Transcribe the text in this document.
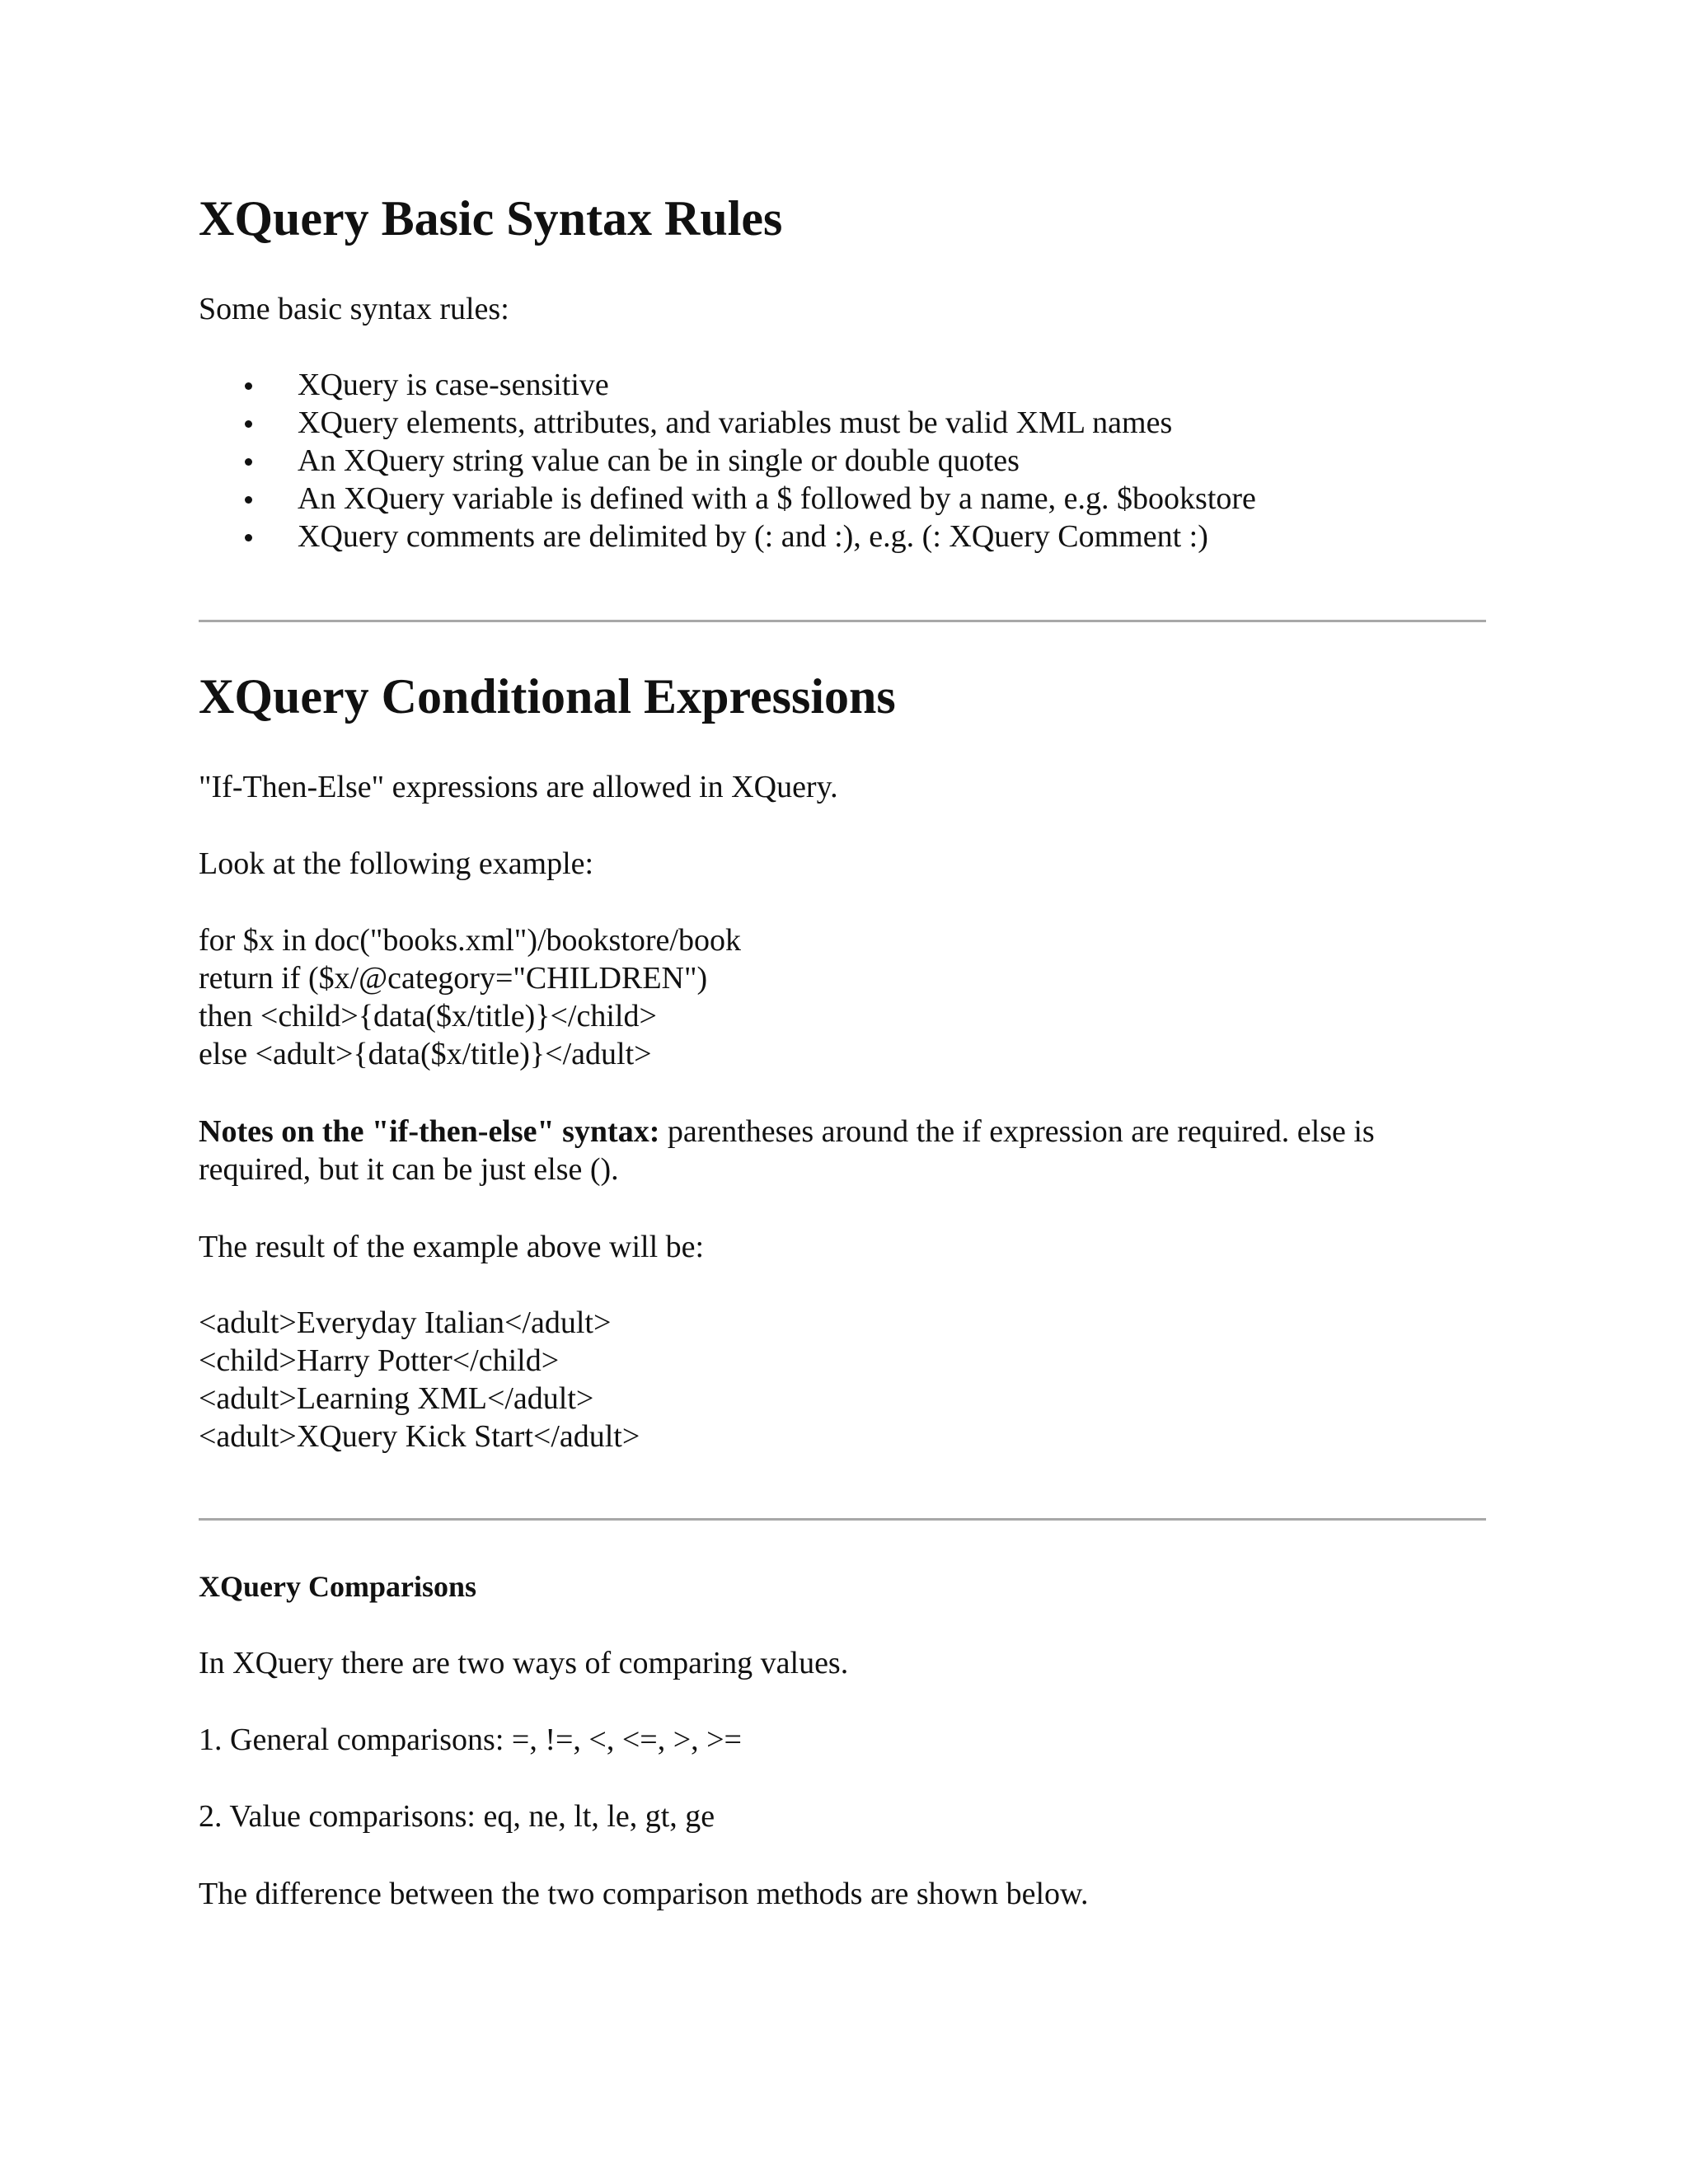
XQuery Basic Syntax Rules

Some basic syntax rules:

XQuery is case-sensitive
XQuery elements, attributes, and variables must be valid XML names
An XQuery string value can be in single or double quotes
An XQuery variable is defined with a $ followed by a name, e.g. $bookstore
XQuery comments are delimited by (: and :), e.g. (: XQuery Comment :)
XQuery Conditional Expressions

"If-Then-Else" expressions are allowed in XQuery.

Look at the following example:

for $x in doc("books.xml")/bookstore/book
return if ($x/@category="CHILDREN")
then <child>{data($x/title)}</child>
else <adult>{data($x/title)}</adult>

Notes on the "if-then-else" syntax: parentheses around the if expression are required. else is required, but it can be just else ().

The result of the example above will be:

<adult>Everyday Italian</adult>
<child>Harry Potter</child>
<adult>Learning XML</adult>
<adult>XQuery Kick Start</adult>
XQuery Comparisons

In XQuery there are two ways of comparing values.

1. General comparisons: =, !=, <, <=, >, >=

2. Value comparisons: eq, ne, lt, le, gt, ge

The difference between the two comparison methods are shown below.
